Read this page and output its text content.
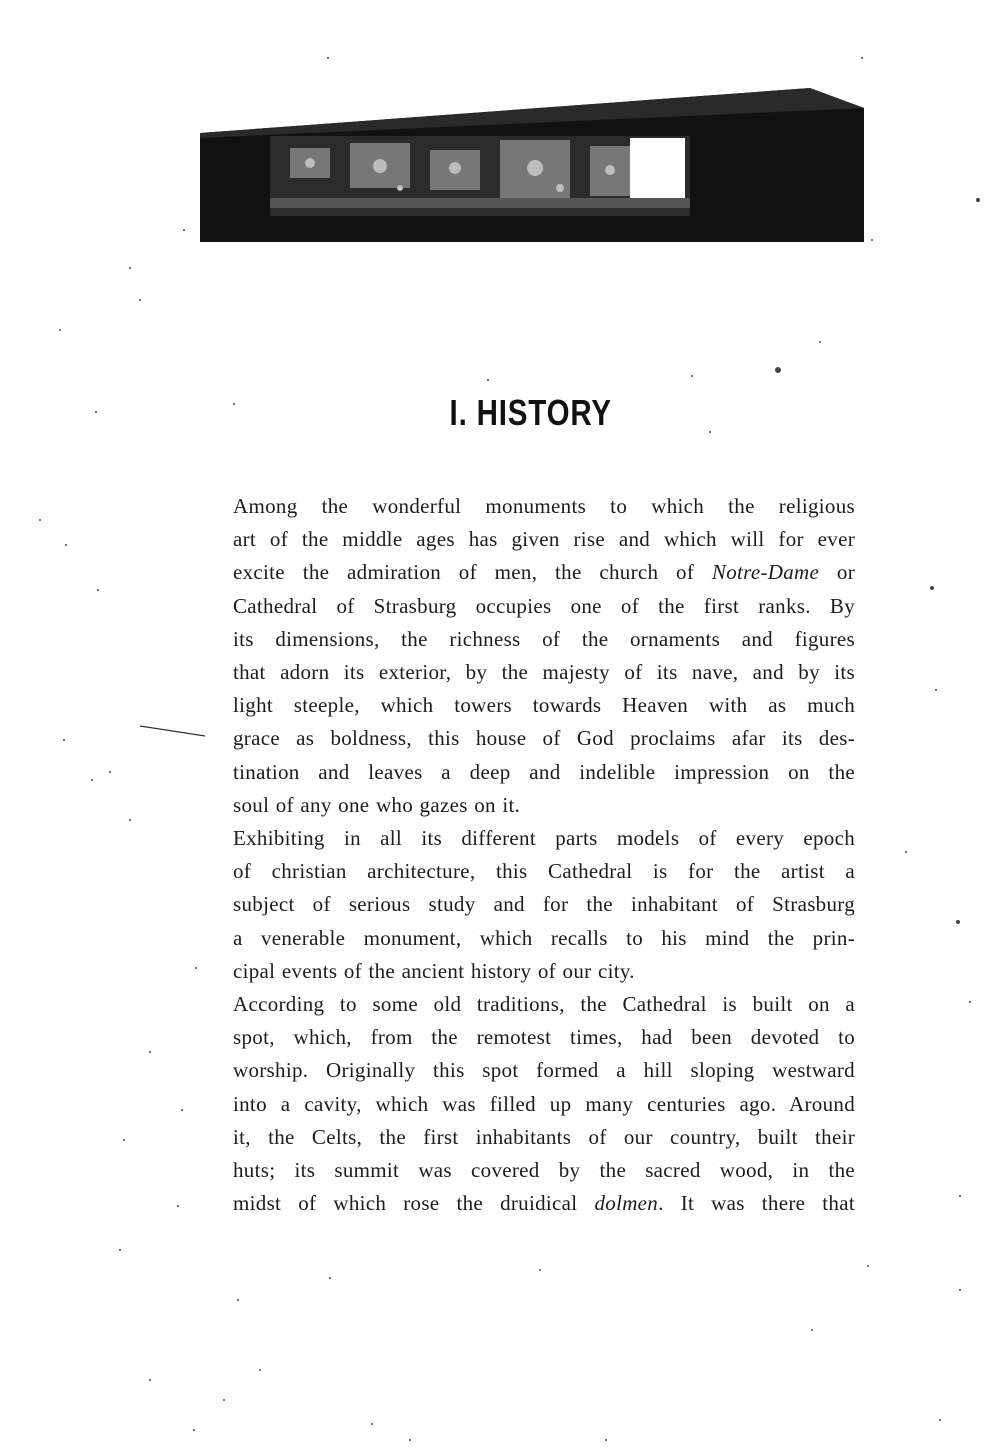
I. HISTORY

Among the wonderful monuments to which the religious
art of the middle ages has given rise and which will for ever
excite the admiration of men, the church of Notre-Dame or
Cathedral of Strasburg occupies one of the first ranks. By
its dimensions, the richness of the ornaments and figures
that adorn its exterior, by the majesty of its nave, and by its
light steeple, which towers towards Heaven with as much
grace as boldness, this house of God proclaims afar its des-
tination and leaves a deep and indelible impression on the
soul of any one who gazes on it.

Exhibiting in all its different parts models of every epoch
of christian architecture, this Cathedral is for the artist a
subject of serious study and for the inhabitant of Strasburg
a venerable monument, which recalls to his mind the prin-
cipal events of the ancient history of our city.

According to some old traditions, the Cathedral is built on a
spot, which, from the remotest times, had been devoted to
worship. Originally this spot formed a hill sloping westward
into a cavity, which was filled up many centuries ago. Around
it, the Celts, the first inhabitants of our country, built their
huts; its summit was covered by the sacred wood, in the
midst of which rose the druidical dolmen. It was there that
